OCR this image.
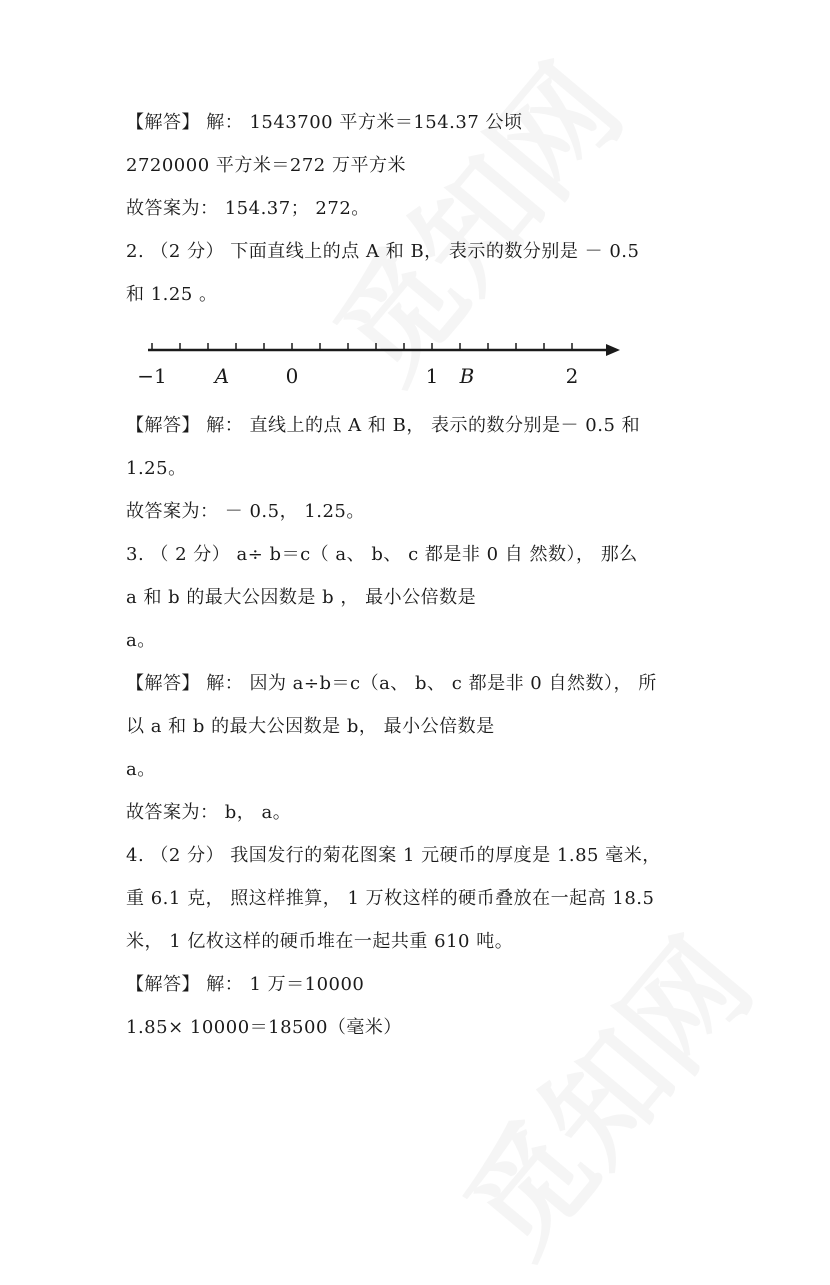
【解答】 解： 1543700 平方米＝154.37 公顷
2720000 平方米＝272 万平方米
故答案为： 154.37； 272。
2. （2 分） 下面直线上的点 A 和 B， 表示的数分别是 － 0.5
和 1.25 。
−1 A	0	1 B	2
【解答】 解： 直线上的点 A 和 B， 表示的数分别是－ 0.5 和
1.25。
故答案为： － 0.5， 1.25。
3. （ 2 分） a÷ b＝c（ a、 b、 c 都是非 0 自 然数）， 那么
a 和 b 的最大公因数是 b ， 最小公倍数是
a。
【解答】 解： 因为 a÷b＝c（a、 b、 c 都是非 0 自然数）， 所
以 a 和 b 的最大公因数是 b， 最小公倍数是
a。
故答案为： b， a。
4. （2 分） 我国发行的菊花图案 1 元硬币的厚度是 1.85 毫米，
重 6.1 克， 照这样推算， 1 万枚这样的硬币叠放在一起高 18.5
米， 1 亿枚这样的硬币堆在一起共重 610 吨。
【解答】 解： 1 万＝10000
1.85× 10000＝18500（毫米）
